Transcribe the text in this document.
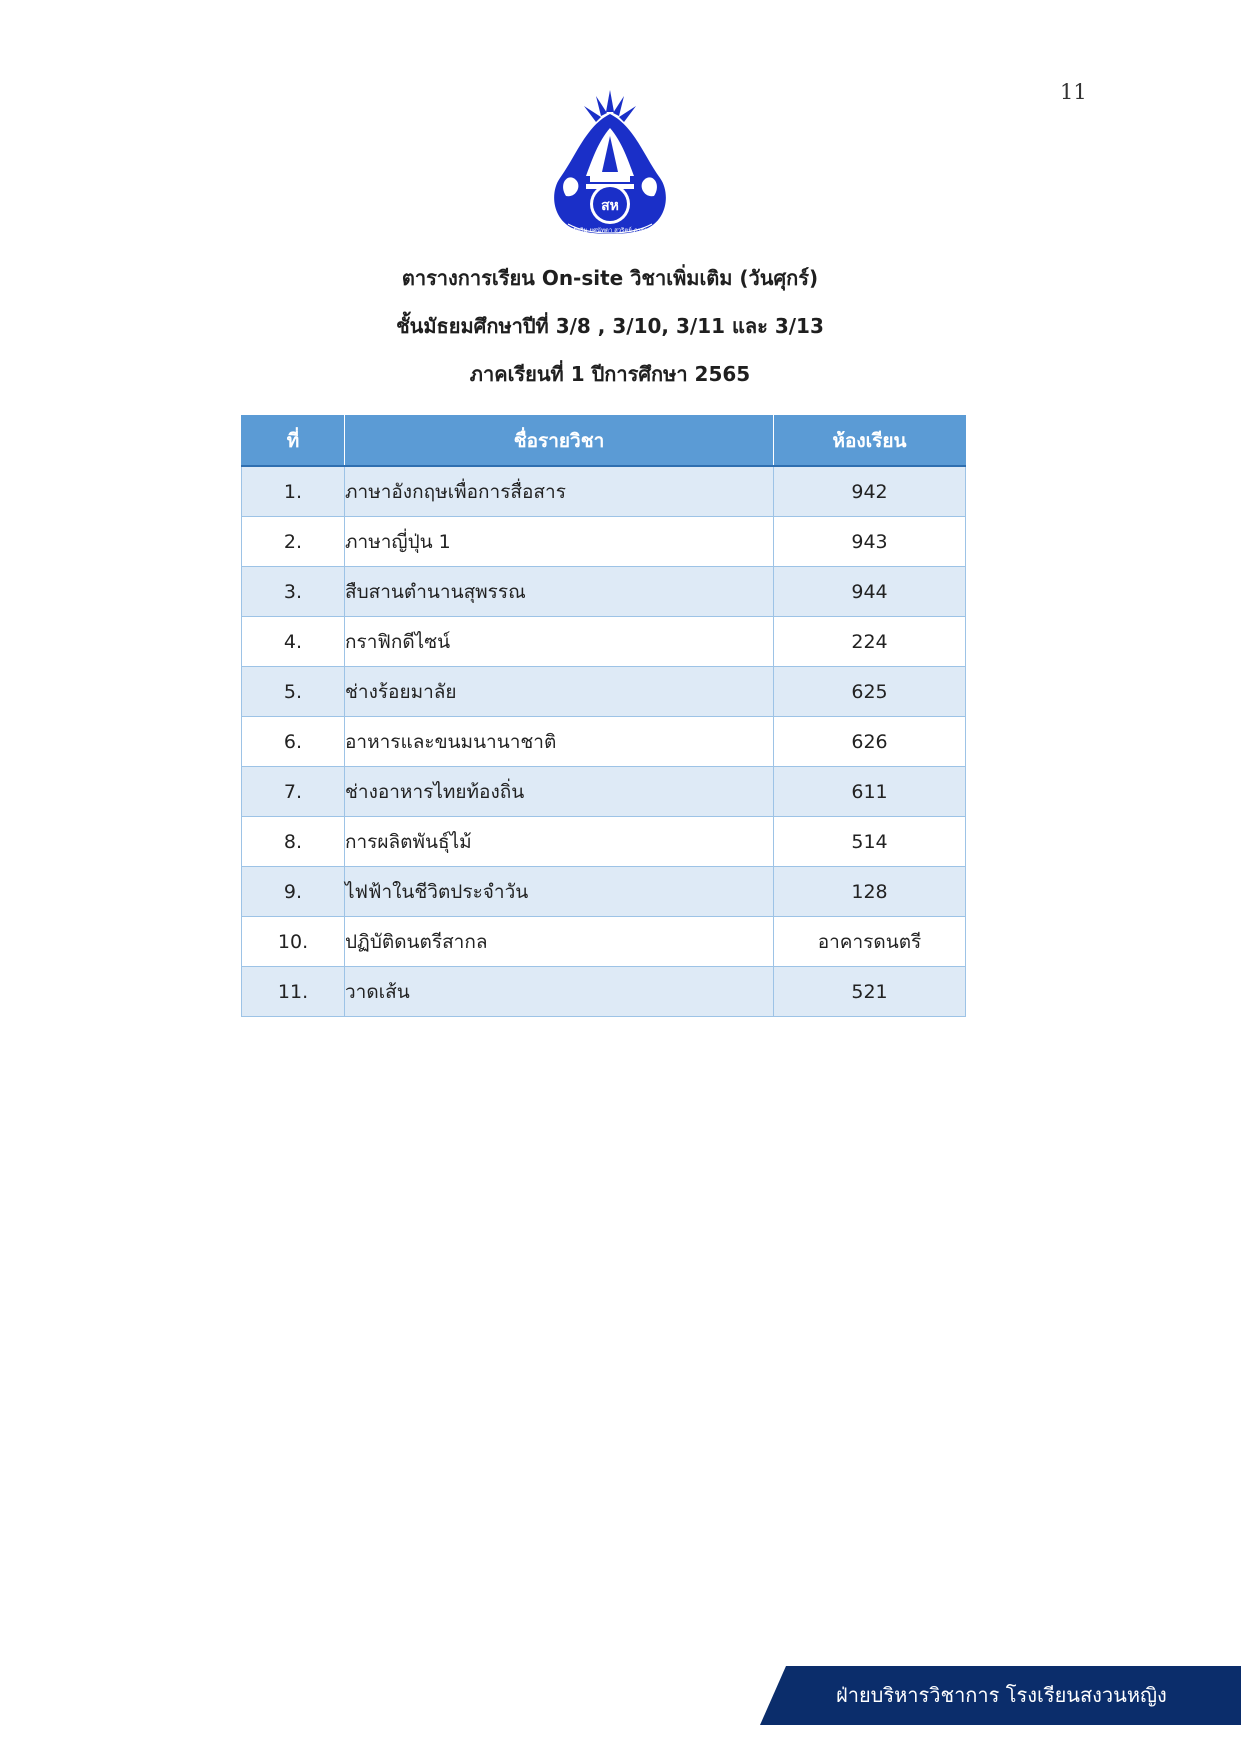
11
สห
ศรัทธิม ยศนัทตา สุวริตย์ ภรรยา
ตารางการเรียน On-site วิชาเพิ่มเติม (วันศุกร์)
ชั้นมัธยมศึกษาปีที่ 3/8 , 3/10, 3/11 และ 3/13
ภาคเรียนที่ 1 ปีการศึกษา 2565
ที่	ชื่อรายวิชา	ห้องเรียน
1.	ภาษาอังกฤษเพื่อการสื่อสาร	942
2.	ภาษาญี่ปุ่น 1	943
3.	สืบสานตำนานสุพรรณ	944
4.	กราฟิกดีไซน์	224
5.	ช่างร้อยมาลัย	625
6.	อาหารและขนมนานาชาติ	626
7.	ช่างอาหารไทยท้องถิ่น	611
8.	การผลิตพันธุ์ไม้	514
9.	ไฟฟ้าในชีวิตประจำวัน	128
10.	ปฏิบัติดนตรีสากล	อาคารดนตรี
11.	วาดเส้น	521
ฝ่ายบริหารวิชาการ โรงเรียนสงวนหญิง
